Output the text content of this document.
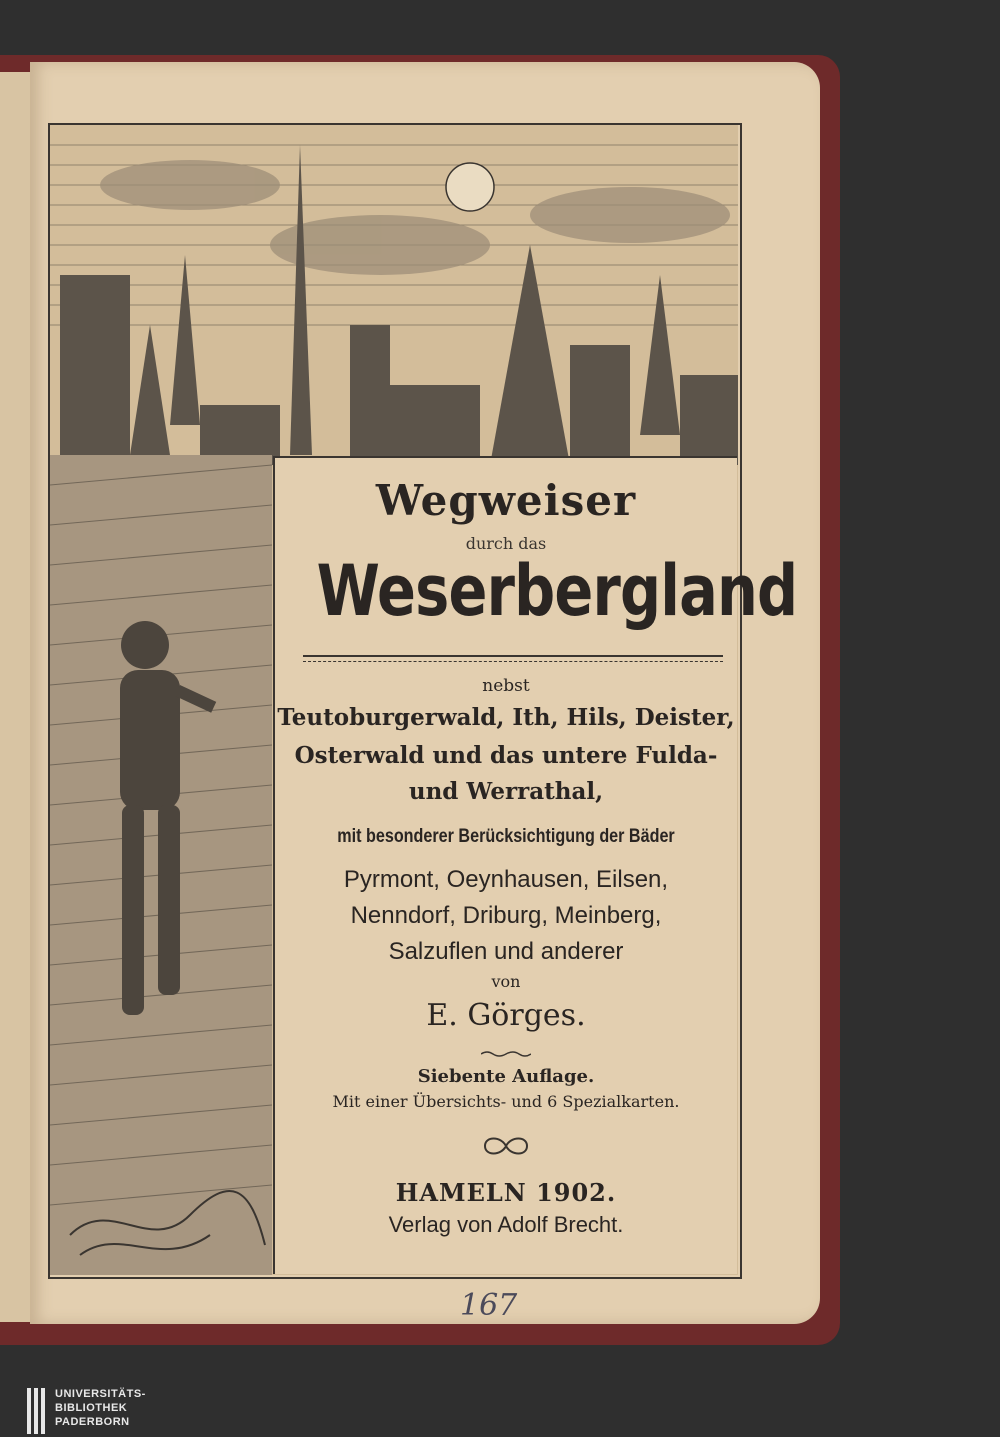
Wegweiser
durch das
Weserbergland
nebst
Teutoburgerwald, Ith, Hils, Deister,
Osterwald und das untere Fulda-
und Werrathal,
mit besonderer Berücksichtigung der Bäder
Pyrmont, Oeynhausen, Eilsen,
Nenndorf, Driburg, Meinberg,
Salzuflen und anderer
von
E. Görges.
Siebente Auflage.
Mit einer Übersichts- und 6 Spezialkarten.
HAMELN 1902.
Verlag von Adolf Brecht.
167
UNIVERSITÄTS-
BIBLIOTHEK
PADERBORN
